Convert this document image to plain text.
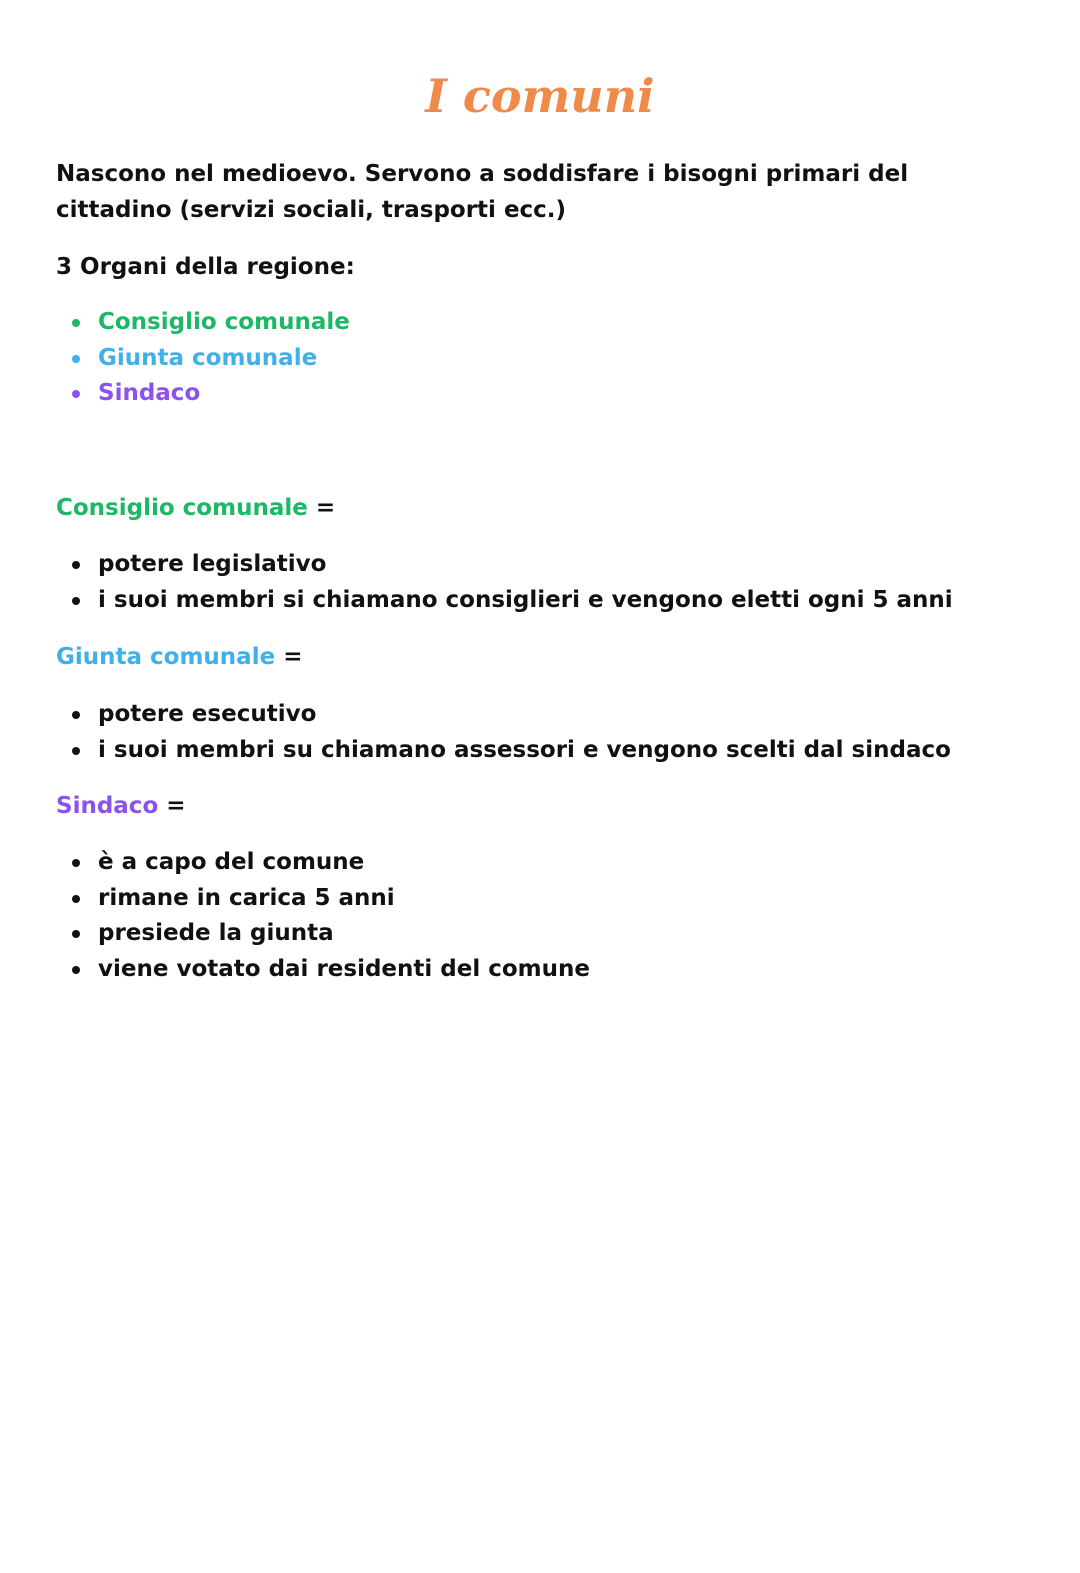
I comuni

Nascono nel medioevo. Servono a soddisfare i bisogni primari del cittadino (servizi sociali, trasporti ecc.)

3 Organi della regione:

Consiglio comunale
Giunta comunale
Sindaco

Consiglio comunale =

potere legislativo
i suoi membri si chiamano consiglieri e vengono eletti ogni 5 anni

Giunta comunale =

potere esecutivo
i suoi membri su chiamano assessori e vengono scelti dal sindaco

Sindaco =

è a capo del comune
rimane in carica 5 anni
presiede la giunta
viene votato dai residenti del comune
